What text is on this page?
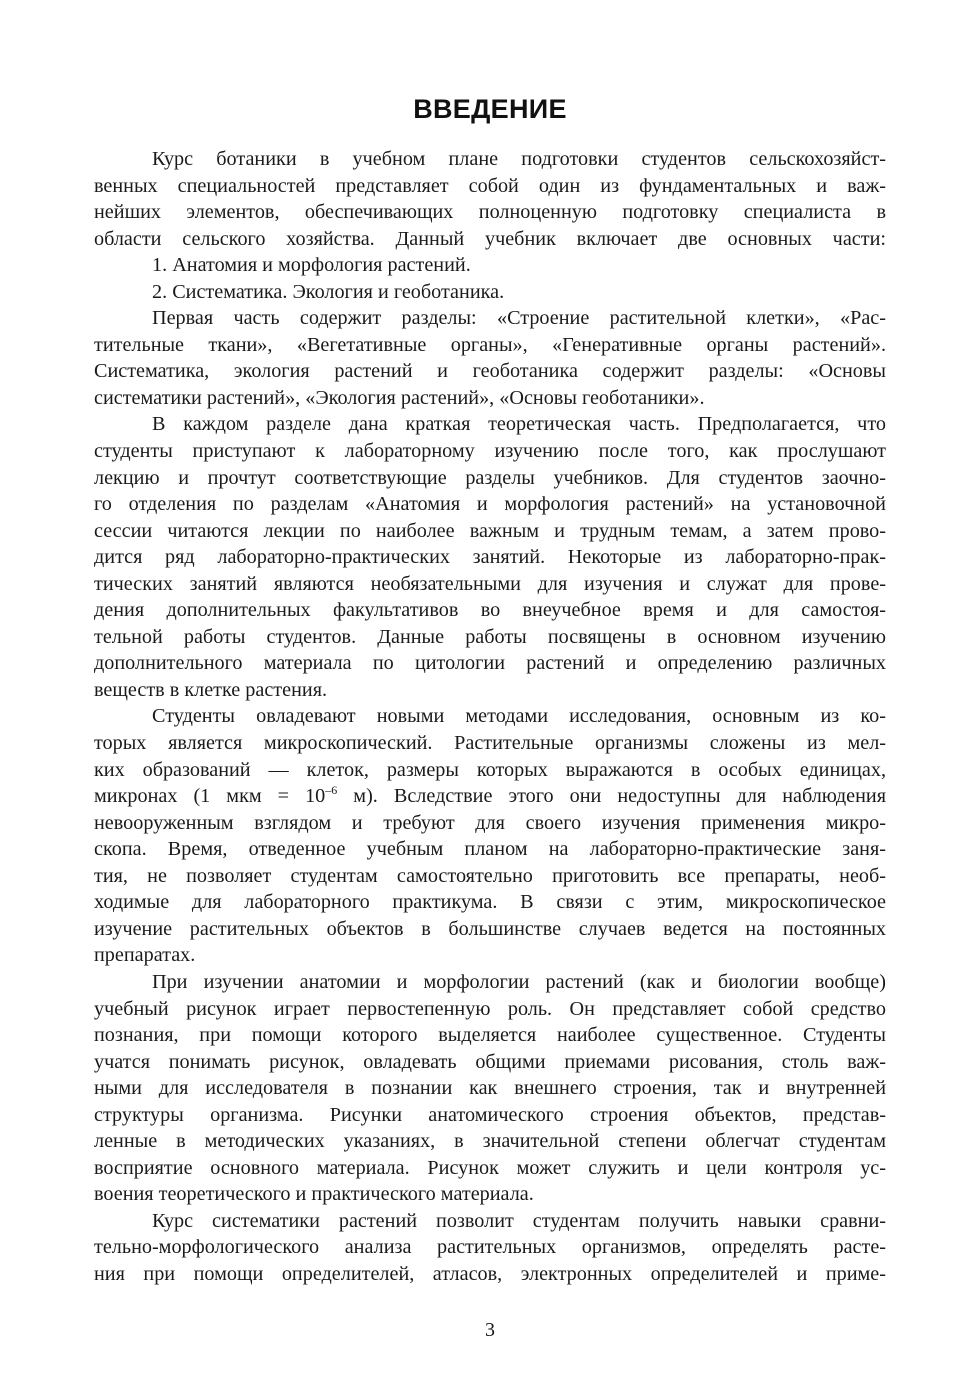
ВВЕДЕНИЕ
Курс ботаники в учебном плане подготовки студентов сельскохозяйст-
венных специальностей представляет собой один из фундаментальных и важ-
нейших элементов, обеспечивающих полноценную подготовку специалиста в
области сельского хозяйства. Данный учебник включает две основных части:
1. Анатомия и морфология растений.
2. Систематика. Экология и геоботаника.
Первая часть содержит разделы: «Строение растительной клетки», «Рас-
тительные ткани», «Вегетативные органы», «Генеративные органы растений».
Систематика, экология растений и геоботаника содержит разделы: «Основы
систематики растений», «Экология растений», «Основы геоботаники».
В каждом разделе дана краткая теоретическая часть. Предполагается, что
студенты приступают к лабораторному изучению после того, как прослушают
лекцию и прочтут соответствующие разделы учебников. Для студентов заочно-
го отделения по разделам «Анатомия и морфология растений» на установочной
сессии читаются лекции по наиболее важным и трудным темам, а затем прово-
дится ряд лабораторно-практических занятий. Некоторые из лабораторно-прак-
тических занятий являются необязательными для изучения и служат для прове-
дения дополнительных факультативов во внеучебное время и для самостоя-
тельной работы студентов. Данные работы посвящены в основном изучению
дополнительного материала по цитологии растений и определению различных
веществ в клетке растения.
Студенты овладевают новыми методами исследования, основным из ко-
торых является микроскопический. Растительные организмы сложены из мел-
ких образований — клеток, размеры которых выражаются в особых единицах,
микронах (1 мкм = $10^{-6}$ м). Вследствие этого они недоступны для наблюдения
невооруженным взглядом и требуют для своего изучения применения микро-
скопа. Время, отведенное учебным планом на лабораторно-практические заня-
тия, не позволяет студентам самостоятельно приготовить все препараты, необ-
ходимые для лабораторного практикума. В связи с этим, микроскопическое
изучение растительных объектов в большинстве случаев ведется на постоянных
препаратах.
При изучении анатомии и морфологии растений (как и биологии вообще)
учебный рисунок играет первостепенную роль. Он представляет собой средство
познания, при помощи которого выделяется наиболее существенное. Студенты
учатся понимать рисунок, овладевать общими приемами рисования, столь важ-
ными для исследователя в познании как внешнего строения, так и внутренней
структуры организма. Рисунки анатомического строения объектов, представ-
ленные в методических указаниях, в значительной степени облегчат студентам
восприятие основного материала. Рисунок может служить и цели контроля ус-
воения теоретического и практического материала.
Курс систематики растений позволит студентам получить навыки сравни-
тельно-морфологического анализа растительных организмов, определять расте-
ния при помощи определителей, атласов, электронных определителей и приме-
3
